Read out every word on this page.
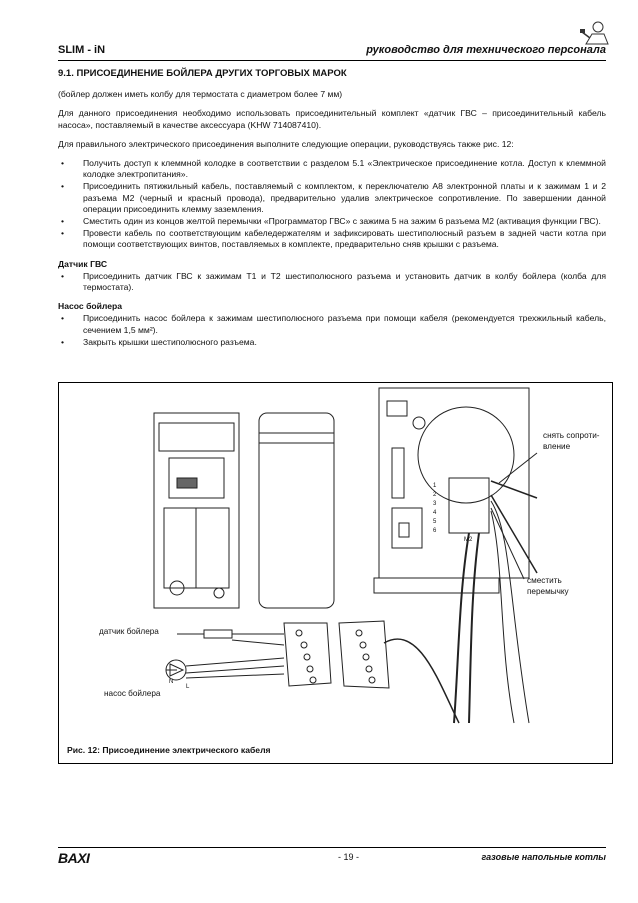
SLIM - iN	руководство для технического персонала
9.1. ПРИСОЕДИНЕНИЕ БОЙЛЕРА ДРУГИХ ТОРГОВЫХ МАРОК

(бойлер должен иметь колбу для термостата с диаметром более 7 мм)

Для данного присоединения необходимо использовать присоединительный комплект «датчик ГВС – присоединительный кабель насоса», поставляемый в качестве аксессуара (KHW 714087410).

Для правильного электрического присоединения выполните следующие операции, руководствуясь также рис. 12:

• Получить доступ к клеммной колодке в соответствии с разделом 5.1 «Электрическое присоединение котла. Доступ к клеммной колодке электропитания».
• Присоединить пятижильный кабель, поставляемый с комплектом, к переключателю A8 электронной платы и к зажимам 1 и 2 разъема M2 (черный и красный провода), предварительно удалив электрическое сопротивление. По завершении данной операции присоединить клемму заземления.
• Сместить один из концов желтой перемычки «Программатор ГВС» с зажима 5 на зажим 6 разъема M2 (активация функции ГВС).
• Провести кабель по соответствующим кабеледержателям и зафиксировать шестиполюсный разъем в задней части котла при помощи соответствующих винтов, поставляемых в комплекте, предварительно сняв крышки с разъема.
Датчик ГВС
• Присоединить датчик ГВС к зажимам T1 и T2 шестиполюсного разъема и установить датчик в колбу бойлера (колба для термостата).
Насос бойлера
• Присоединить насос бойлера к зажимам шестиполюсного разъема при помощи кабеля (рекомендуется трехжильный кабель, сечением 1,5 мм²).
• Закрыть крышки шестиполюсного разъема.
1
2
3
4
5
6
M2
N
L
снять сопроти-вление
сместить перемычку
датчик бойлера
насос бойлера
Рис. 12: Присоединение электрического кабеля
BAXI	- 19 -	газовые напольные котлы
